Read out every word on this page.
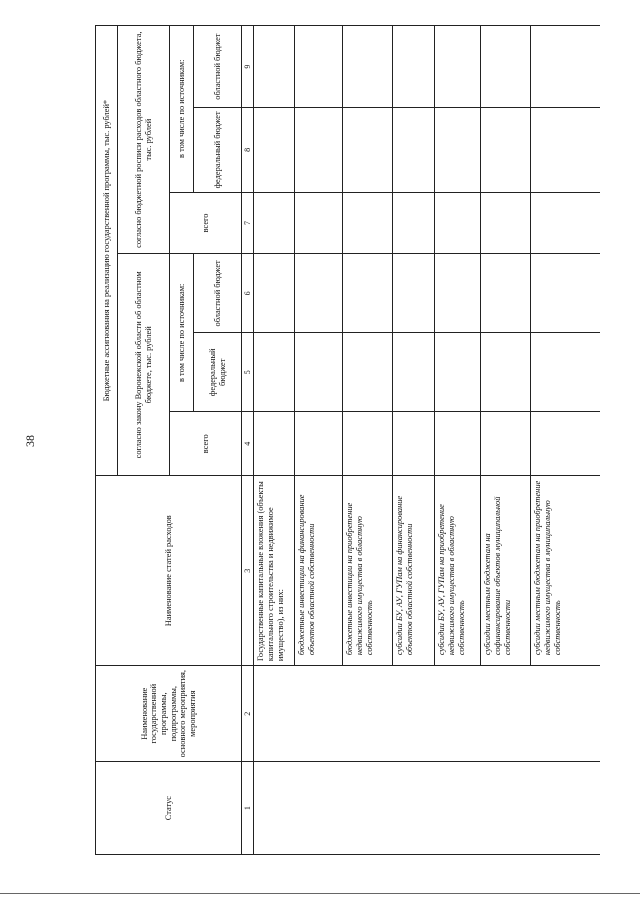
38
Статус	Наименование государственной программы, подпрограммы, основного мероприятия, мероприятия	Наименование статей расходов	Бюджетные ассигнования на реализацию государственной программы, тыс. рублей*					
			согласно закону Воронежской области об областном бюджете, тыс. рублей			согласно бюджетной росписи расходов областного бюджета, тыс. рублей		
			всего	в том числе по источникам:		всего	в том числе по источникам:	
				федеральный бюджет	областной бюджет		федеральный бюджет	областной бюджет
1	2	3	4	5	6	7	8	9
		Государственные капитальные вложения (объекты капитального строительства и недвижимое имущество), из них:						
		бюджетные инвестиции на финансирование объектов областной собственности						
		бюджетные инвестиции на приобретение недвижимого имущества в областную собственность						
		субсидии БУ, АУ, ГУПам на финансирование объектов областной собственности						
		субсидии БУ, АУ, ГУПам на приобретение недвижимого имущества в областную собственность						
		субсидии местным бюджетам на софинансирование объектов муниципальной собственности						
		субсидии местным бюджетам на приобретение недвижимого имущества в муниципальную собственность						
